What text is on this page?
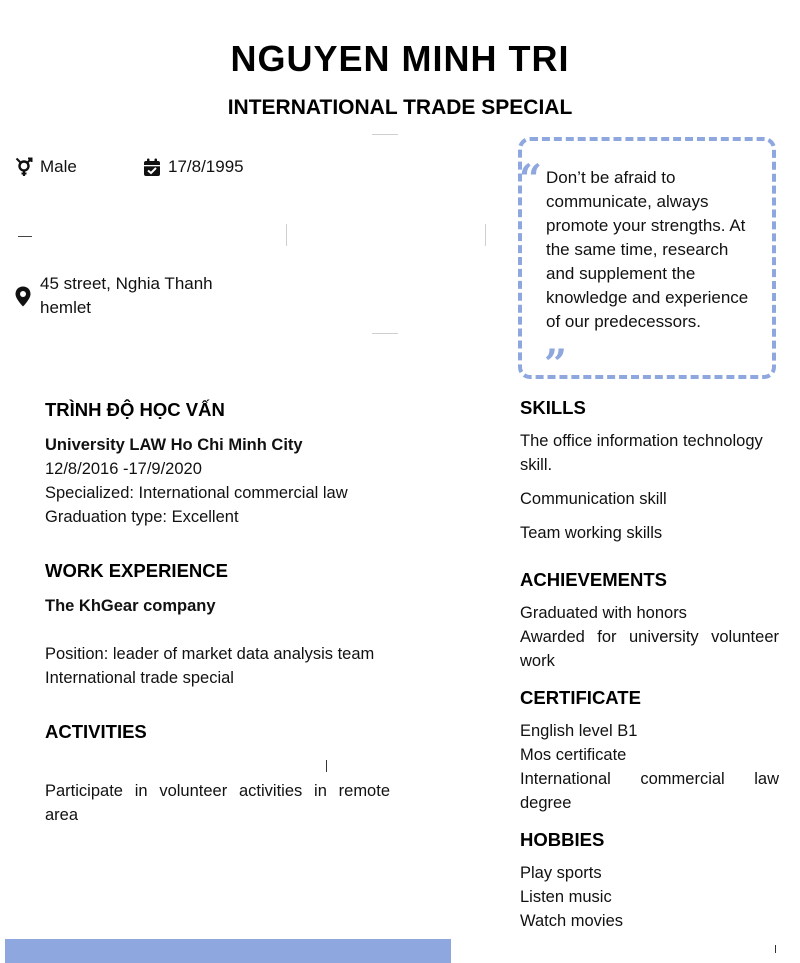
NGUYEN MINH TRI
INTERNATIONAL TRADE SPECIAL
Male	17/8/1995
45 street, Nghia Thanh hemlet
“ Don’t be afraid to communicate, always promote your strengths. At the same time, research and supplement the knowledge and experience of our predecessors.
”
TRÌNH ĐỘ HỌC VẤN
University LAW Ho Chi Minh City
12/8/2016 -17/9/2020
Specialized: International commercial law
Graduation type: Excellent
WORK EXPERIENCE
The KhGear company
Position: leader of market data analysis team
International trade special
ACTIVITIES
Participate in volunteer activities in remote area
SKILLS
The office information technology skill.
Communication skill
Team working skills
ACHIEVEMENTS
Graduated with honors
Awarded for university volunteer work
CERTIFICATE
English level B1
Mos certificate
International commercial law degree
HOBBIES
Play sports
Listen music
Watch movies
